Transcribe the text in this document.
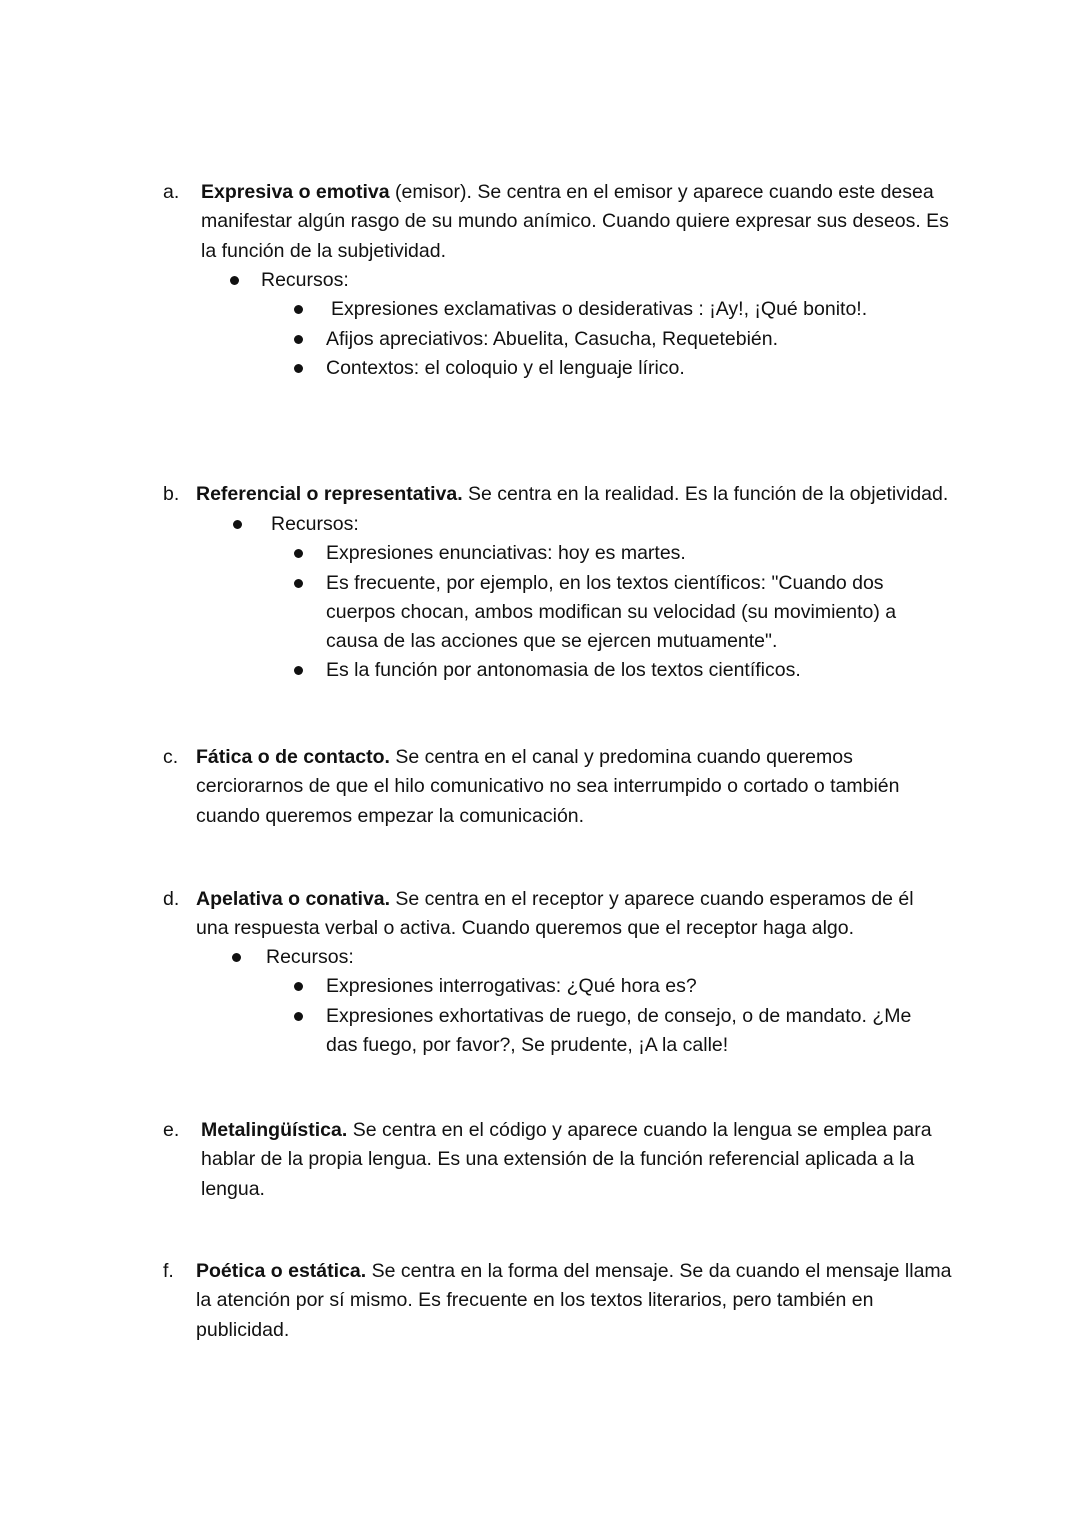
a. Expresiva o emotiva (emisor). Se centra en el emisor y aparece cuando este desea manifestar algún rasgo de su mundo anímico. Cuando quiere expresar sus deseos. Es la función de la subjetividad.
Recursos:
Expresiones exclamativas o desiderativas : ¡Ay!, ¡Qué bonito!.
Afijos apreciativos: Abuelita, Casucha, Requetebién.
Contextos: el coloquio y el lenguaje lírico.
b. Referencial o representativa. Se centra en la realidad. Es la función de la objetividad.
Recursos:
Expresiones enunciativas: hoy es martes.
Es frecuente, por ejemplo, en los textos científicos: "Cuando dos cuerpos chocan, ambos modifican su velocidad (su movimiento) a causa de las acciones que se ejercen mutuamente".
Es la función por antonomasia de los textos científicos.
c. Fática o de contacto. Se centra en el canal y predomina cuando queremos cerciorarnos de que el hilo comunicativo no sea interrumpido o cortado o también cuando queremos empezar la comunicación.
d. Apelativa o conativa. Se centra en el receptor y aparece cuando esperamos de él una respuesta verbal o activa. Cuando queremos que el receptor haga algo.
Recursos:
Expresiones interrogativas: ¿Qué hora es?
Expresiones exhortativas de ruego, de consejo, o de mandato. ¿Me das fuego, por favor?, Se prudente, ¡A la calle!
e. Metalingüística. Se centra en el código y aparece cuando la lengua se emplea para hablar de la propia lengua. Es una extensión de la función referencial aplicada a la lengua.
f. Poética o estática. Se centra en la forma del mensaje. Se da cuando el mensaje llama la atención por sí mismo. Es frecuente en los textos literarios, pero también en publicidad.
